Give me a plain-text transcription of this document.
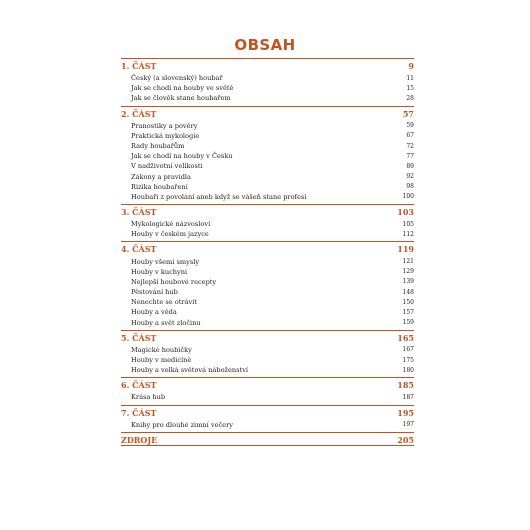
OBSAH
1. ČÁST	9
Český (a slovenský) houbař	11
Jak se chodí na houby ve světě	15
Jak se člověk stane houbařem	28
2. ČÁST	57
Pranostiky a pověry	59
Praktická mykologie	67
Rady houbařům	72
Jak se chodí na houby v Česku	77
V nadživotní velikosti	89
Zákony a pravidla	92
Rizika houbaření	98
Houbaři z povolání aneb když se vášeň stane profesí	100
3. ČÁST	103
Mykologické názvosloví	105
Houby v českém jazyce	112
4. ČÁST	119
Houby všemi smysly	121
Houby v kuchyni	129
Nejlepší houbové recepty	139
Pěstování hub	148
Nenechte se otrávit	150
Houby a věda	157
Houby a svět zločinu	159
5. ČÁST	165
Magické houbičky	167
Houby v medicíně	175
Houby a velká světová náboženství	180
6. ČÁST	185
Krása hub	187
7. ČÁST	195
Knihy pro dlouhé zimní večery	197
ZDROJE	205
